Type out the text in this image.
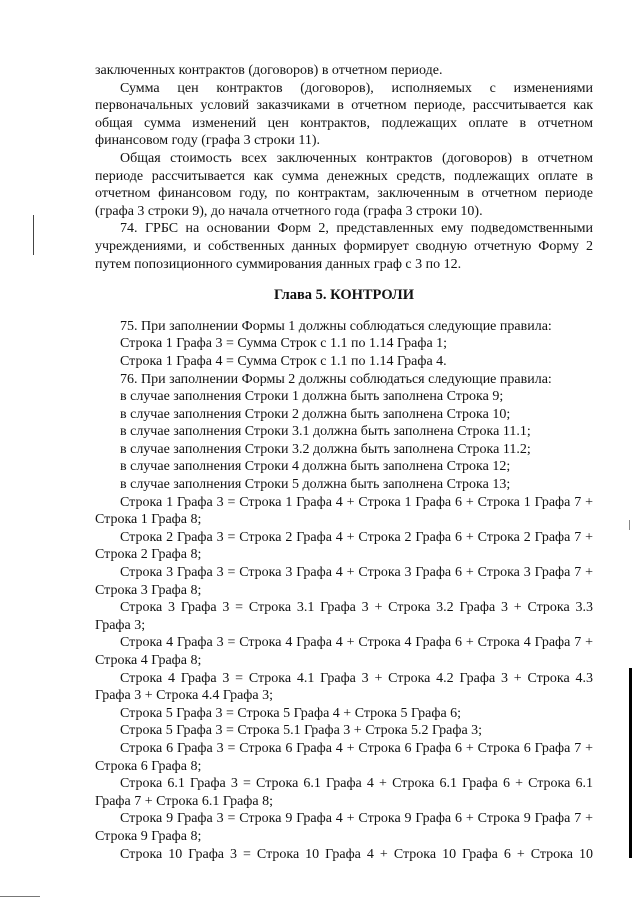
заключенных контрактов (договоров) в отчетном периоде.

Сумма цен контрактов (договоров), исполняемых с изменениями первоначальных условий заказчиками в отчетном периоде, рассчитывается как общая сумма изменений цен контрактов, подлежащих оплате в отчетном финансовом году (графа 3 строки 11).

Общая стоимость всех заключенных контрактов (договоров) в отчетном периоде рассчитывается как сумма денежных средств, подлежащих оплате в отчетном финансовом году, по контрактам, заключенным в отчетном периоде (графа 3 строки 9), до начала отчетного года (графа 3 строки 10).

74. ГРБС на основании Форм 2, представленных ему подведомственными учреждениями, и собственных данных формирует сводную отчетную Форму 2 путем попозиционного суммирования данных граф с 3 по 12.

Глава 5. КОНТРОЛИ

75. При заполнении Формы 1 должны соблюдаться следующие правила:

Строка 1 Графа 3 = Сумма Строк с 1.1 по 1.14 Графа 1;

Строка 1 Графа 4 = Сумма Строк с 1.1 по 1.14 Графа 4.

76. При заполнении Формы 2 должны соблюдаться следующие правила:

в случае заполнения Строки 1 должна быть заполнена Строка 9;

в случае заполнения Строки 2 должна быть заполнена Строка 10;

в случае заполнения Строки 3.1 должна быть заполнена Строка 11.1;

в случае заполнения Строки 3.2 должна быть заполнена Строка 11.2;

в случае заполнения Строки 4 должна быть заполнена Строка 12;

в случае заполнения Строки 5 должна быть заполнена Строка 13;

Строка 1 Графа 3 = Строка 1 Графа 4 + Строка 1 Графа 6 + Строка 1 Графа 7 + Строка 1 Графа 8;

Строка 2 Графа 3 = Строка 2 Графа 4 + Строка 2 Графа 6 + Строка 2 Графа 7 + Строка 2 Графа 8;

Строка 3 Графа 3 = Строка 3 Графа 4 + Строка 3 Графа 6 + Строка 3 Графа 7 + Строка 3 Графа 8;

Строка 3 Графа 3 = Строка 3.1 Графа 3 + Строка 3.2 Графа 3 + Строка 3.3 Графа 3;

Строка 4 Графа 3 = Строка 4 Графа 4 + Строка 4 Графа 6 + Строка 4 Графа 7 + Строка 4 Графа 8;

Строка 4 Графа 3 = Строка 4.1 Графа 3 + Строка 4.2 Графа 3 + Строка 4.3 Графа 3 + Строка 4.4 Графа 3;

Строка 5 Графа 3 = Строка 5 Графа 4 + Строка 5 Графа 6;

Строка 5 Графа 3 = Строка 5.1 Графа 3 + Строка 5.2 Графа 3;

Строка 6 Графа 3 = Строка 6 Графа 4 + Строка 6 Графа 6 + Строка 6 Графа 7 + Строка 6 Графа 8;

Строка 6.1 Графа 3 = Строка 6.1 Графа 4 + Строка 6.1 Графа 6 + Строка 6.1 Графа 7 + Строка 6.1 Графа 8;

Строка 9 Графа 3 = Строка 9 Графа 4 + Строка 9 Графа 6 + Строка 9 Графа 7 + Строка 9 Графа 8;

Строка 10 Графа 3 = Строка 10 Графа 4 + Строка 10 Графа 6 + Строка 10
